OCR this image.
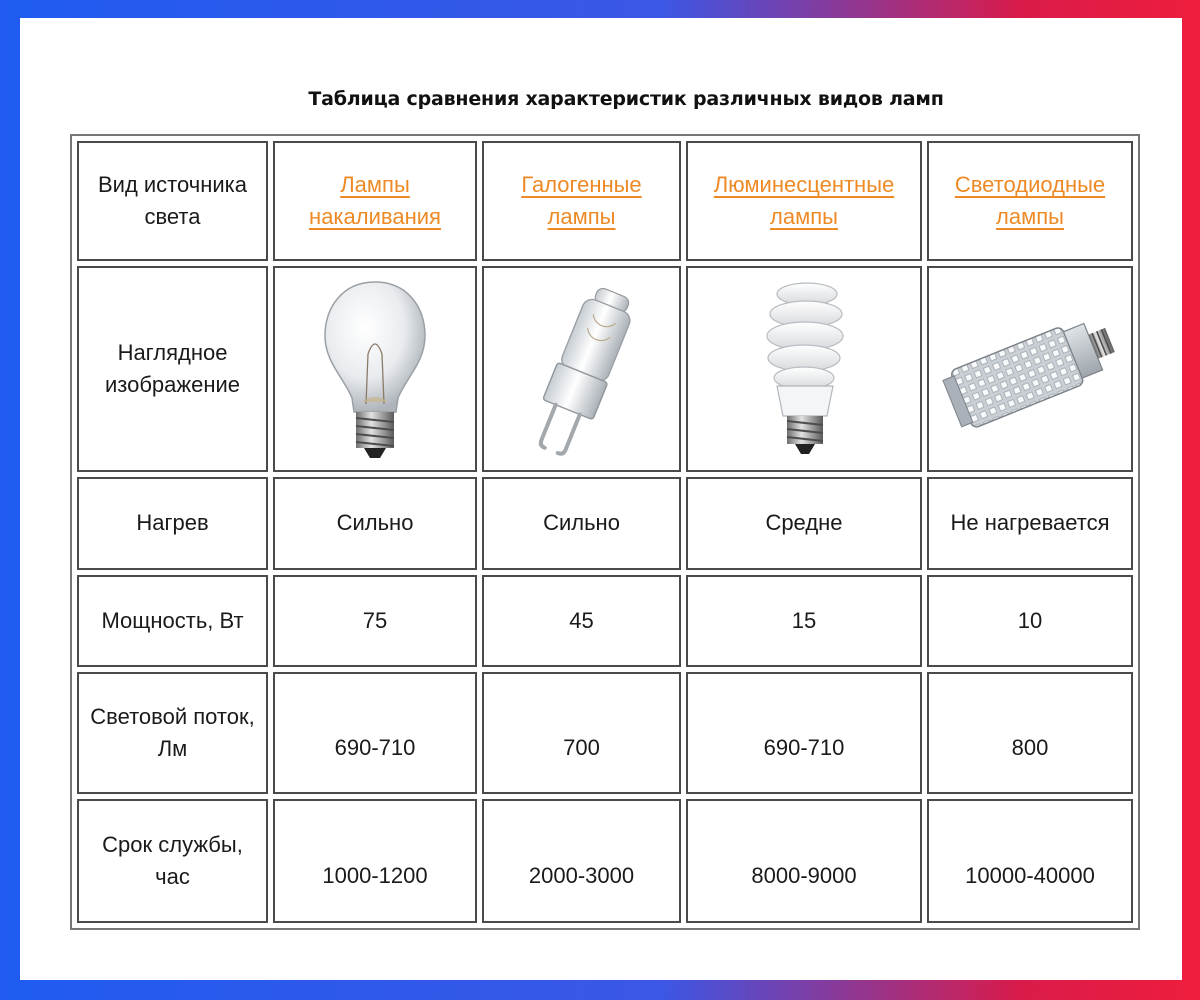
Таблица сравнения характеристик различных видов ламп
Вид источника света	Лампы накаливания	Галогенные лампы	Люминесцентные лампы	Светодиодные лампы
Наглядное изображение	

Нагрев	Сильно	Сильно	Средне	Не нагревается
Мощность, Вт	75	45	15	10
Световой поток, Лм	690-710	700	690-710	800
Срок службы, час	1000-1200	2000-3000	8000-9000	10000-40000
